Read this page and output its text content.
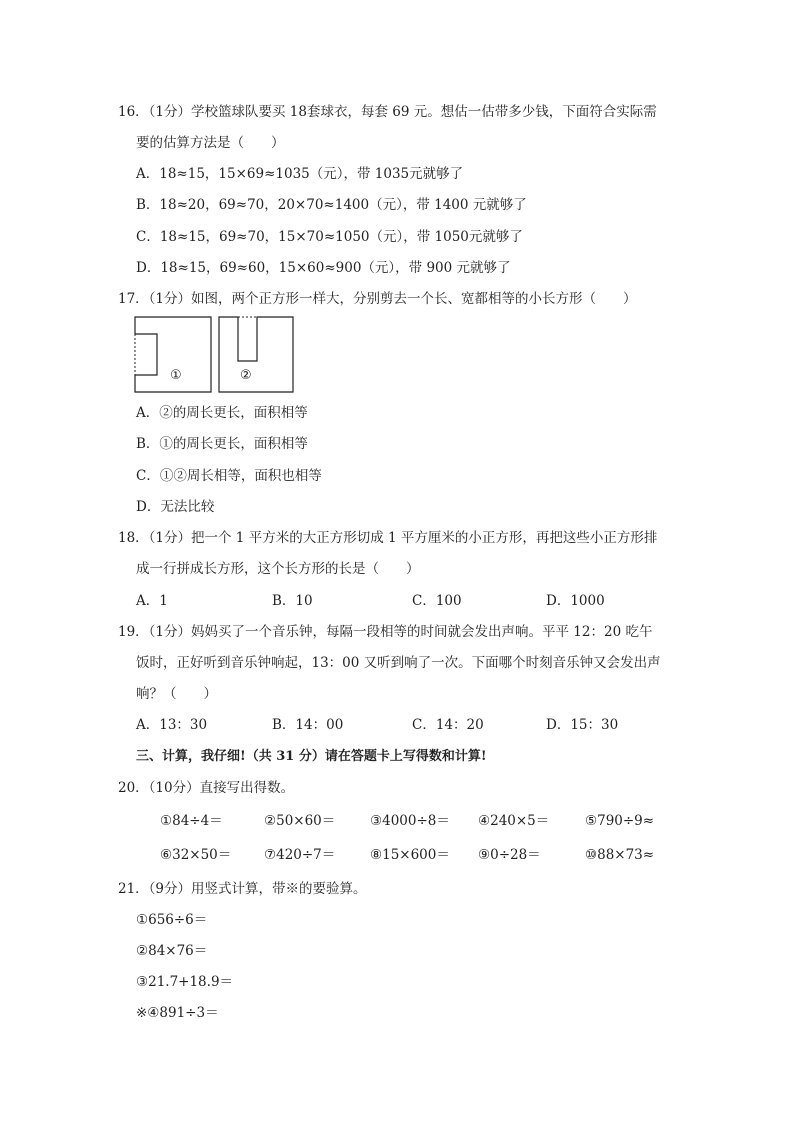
16．（1分）学校篮球队要买 18套球衣，每套 69 元。想估一估带多少钱，下面符合实际需
要的估算方法是（　　）
A．18≈15，15×69≈1035（元），带 1035元就够了
B．18≈20，69≈70，20×70≈1400（元），带 1400 元就够了
C．18≈15，69≈70，15×70≈1050（元），带 1050元就够了
D．18≈15，69≈60，15×60≈900（元），带 900 元就够了
17．（1分）如图，两个正方形一样大，分别剪去一个长、宽都相等的小长方形（　　）
①	②
A．②的周长更长，面积相等
B．①的周长更长，面积相等
C．①②周长相等，面积也相等
D．无法比较
18．（1分）把一个 1 平方米的大正方形切成 1 平方厘米的小正方形，再把这些小正方形排
成一行拼成长方形，这个长方形的长是（　　）
A．1	B．10	C．100	D．1000
19．（1分）妈妈买了一个音乐钟，每隔一段相等的时间就会发出声响。平平 12：20 吃午
饭时，正好听到音乐钟响起，13：00 又听到响了一次。下面哪个时刻音乐钟又会发出声
响？（　　）
A．13：30	B．14：00	C．14：20	D．15：30
三、计算，我仔细!（共 31 分）请在答题卡上写得数和计算!
20．（10分）直接写出得数。
①84÷4＝	②50×60＝	③4000÷8＝ ④240×5＝	⑤790÷9≈
⑥32×50＝ ⑦420÷7＝	⑧15×600＝ ⑨0÷28＝	⑩88×73≈
21．（9分）用竖式计算，带※的要验算。
①656÷6＝
②84×76＝
③21.7+18.9＝
※④891÷3＝
